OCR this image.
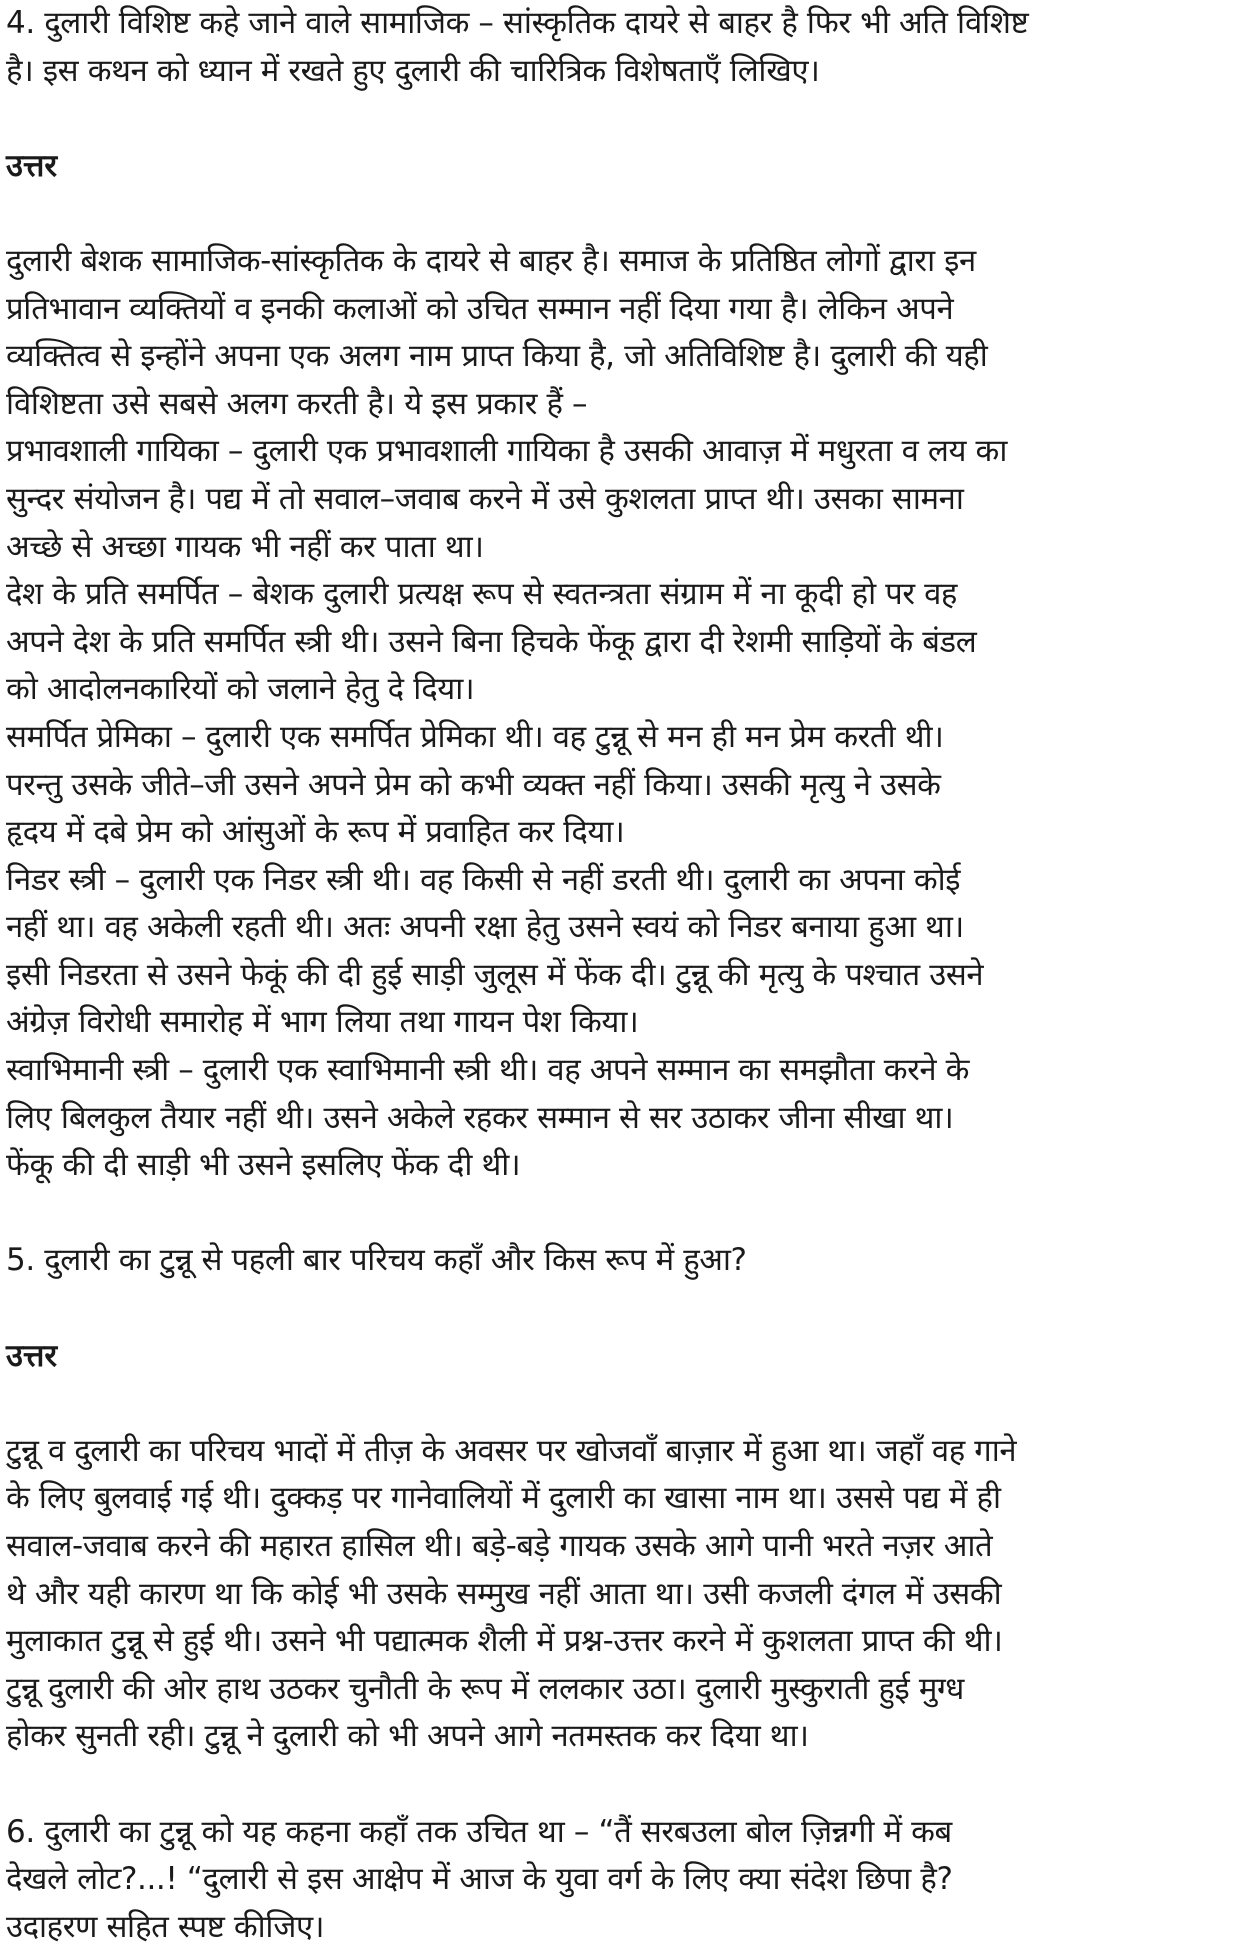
4. दुलारी विशिष्ट कहे जाने वाले सामाजिक – सांस्कृतिक दायरे से बाहर है फिर भी अति विशिष्ट

है। इस कथन को ध्यान में रखते हुए दुलारी की चारित्रिक विशेषताएँ लिखिए।

उत्तर

दुलारी बेशक सामाजिक-सांस्कृतिक के दायरे से बाहर है। समाज के प्रतिष्ठित लोगों द्वारा इन

प्रतिभावान व्यक्तियों व इनकी कलाओं को उचित सम्मान नहीं दिया गया है। लेकिन अपने

व्यक्तित्व से इन्होंने अपना एक अलग नाम प्राप्त किया है, जो अतिविशिष्ट है। दुलारी की यही

विशिष्टता उसे सबसे अलग करती है। ये इस प्रकार हैं –

प्रभावशाली गायिका – दुलारी एक प्रभावशाली गायिका है उसकी आवाज़ में मधुरता व लय का

सुन्दर संयोजन है। पद्य में तो सवाल–जवाब करने में उसे कुशलता प्राप्त थी। उसका सामना

अच्छे से अच्छा गायक भी नहीं कर पाता था।

देश के प्रति समर्पित – बेशक दुलारी प्रत्यक्ष रूप से स्वतन्त्रता संग्राम में ना कूदी हो पर वह

अपने देश के प्रति समर्पित स्त्री थी। उसने बिना हिचके फेंकू द्वारा दी रेशमी साड़ियों के बंडल

को आदोलनकारियों को जलाने हेतु दे दिया।

समर्पित प्रेमिका – दुलारी एक समर्पित प्रेमिका थी। वह टुन्नू से मन ही मन प्रेम करती थी।

परन्तु उसके जीते–जी उसने अपने प्रेम को कभी व्यक्त नहीं किया। उसकी मृत्यु ने उसके

हृदय में दबे प्रेम को आंसुओं के रूप में प्रवाहित कर दिया।

निडर स्त्री – दुलारी एक निडर स्त्री थी। वह किसी से नहीं डरती थी। दुलारी का अपना कोई

नहीं था। वह अकेली रहती थी। अतः अपनी रक्षा हेतु उसने स्वयं को निडर बनाया हुआ था।

इसी निडरता से उसने फेकूं की दी हुई साड़ी जुलूस में फेंक दी। टुन्नू की मृत्यु के पश्चात उसने

अंग्रेज़ विरोधी समारोह में भाग लिया तथा गायन पेश किया।

स्वाभिमानी स्त्री – दुलारी एक स्वाभिमानी स्त्री थी। वह अपने सम्मान का समझौता करने के

लिए बिलकुल तैयार नहीं थी। उसने अकेले रहकर सम्मान से सर उठाकर जीना सीखा था।

फेंकू की दी साड़ी भी उसने इसलिए फेंक दी थी।

5. दुलारी का टुन्नू से पहली बार परिचय कहाँ और किस रूप में हुआ?

उत्तर

टुन्नू व दुलारी का परिचय भादों में तीज़ के अवसर पर खोजवाँ बाज़ार में हुआ था। जहाँ वह गाने

के लिए बुलवाई गई थी। दुक्कड़ पर गानेवालियों में दुलारी का खासा नाम था। उससे पद्य में ही

सवाल-जवाब करने की महारत हासिल थी। बड़े-बड़े गायक उसके आगे पानी भरते नज़र आते

थे और यही कारण था कि कोई भी उसके सम्मुख नहीं आता था। उसी कजली दंगल में उसकी

मुलाकात टुन्नू से हुई थी। उसने भी पद्यात्मक शैली में प्रश्न-उत्तर करने में कुशलता प्राप्त की थी।

टुन्नू दुलारी की ओर हाथ उठकर चुनौती के रूप में ललकार उठा। दुलारी मुस्कुराती हुई मुग्ध

होकर सुनती रही। टुन्नू ने दुलारी को भी अपने आगे नतमस्तक कर दिया था।

6. दुलारी का टुन्नू को यह कहना कहाँ तक उचित था – “तैं सरबउला बोल ज़िन्नगी में कब

देखले लोट?...! “दुलारी से इस आक्षेप में आज के युवा वर्ग के लिए क्या संदेश छिपा है?

उदाहरण सहित स्पष्ट कीजिए।
